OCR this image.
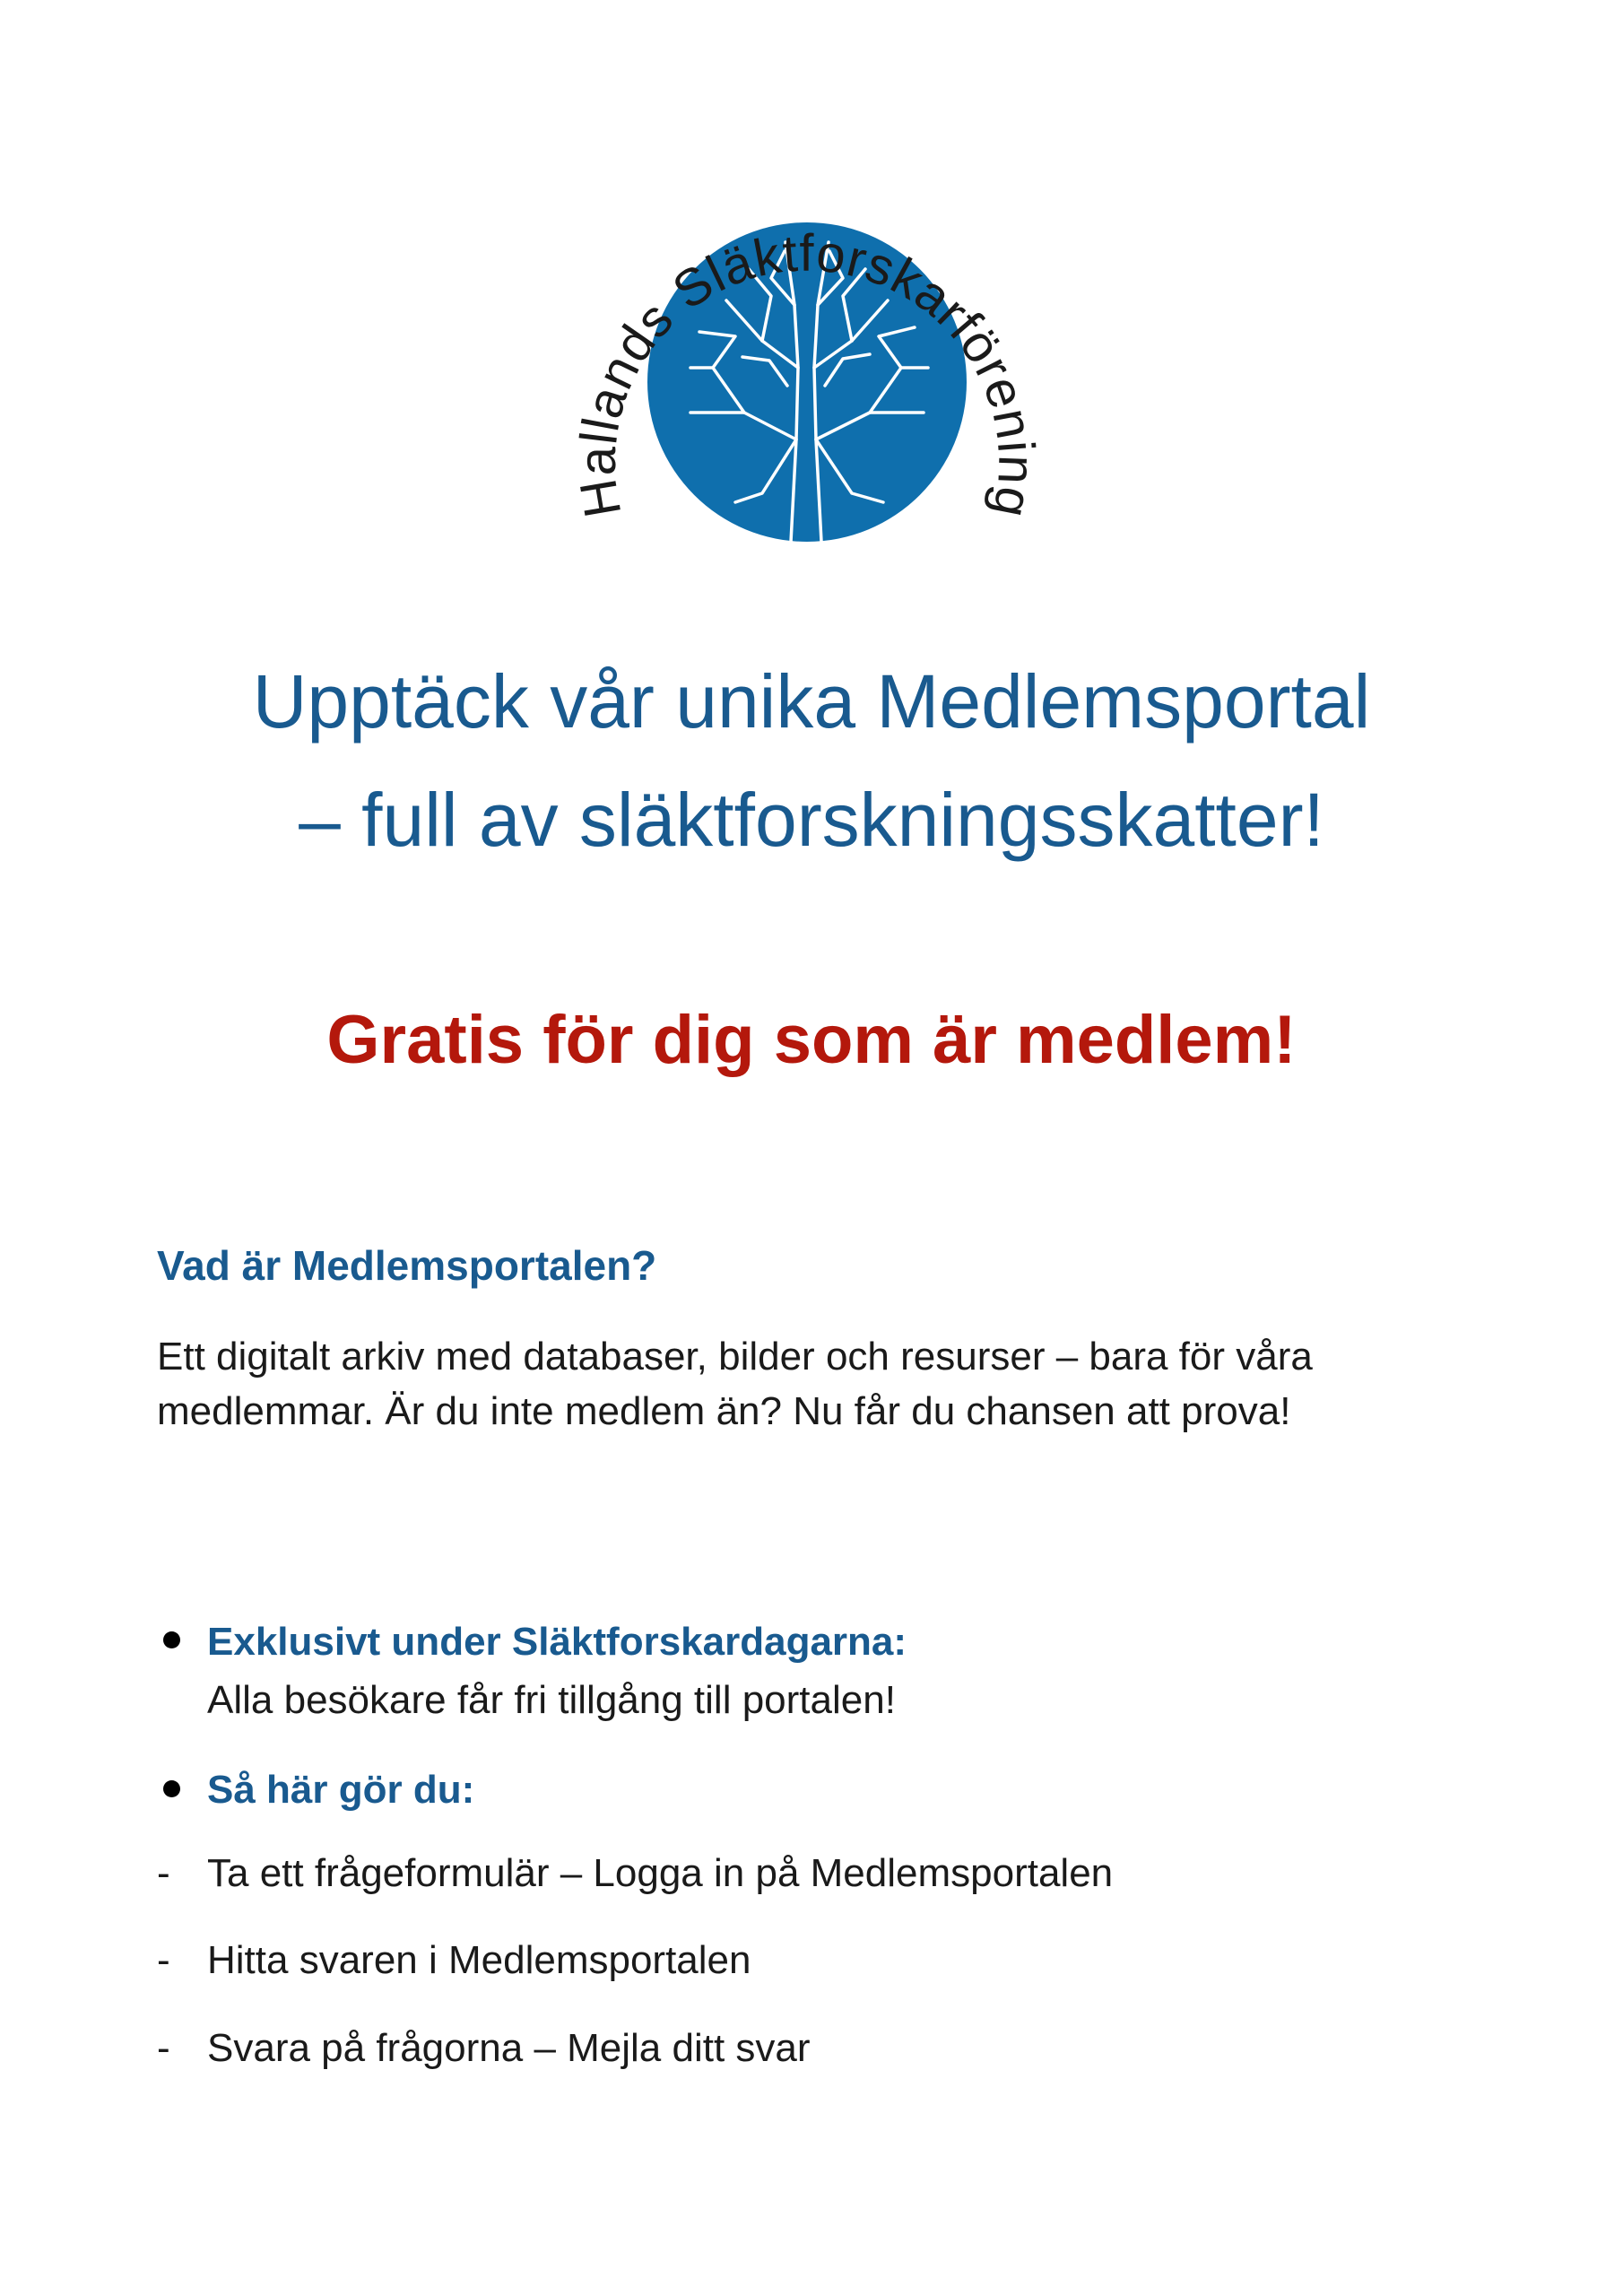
Hallands Släktforskarförening
Upptäck vår unika Medlemsportal
– full av släktforskningsskatter!
Gratis för dig som är medlem!
Vad är Medlemsportalen?

Ett digitalt arkiv med databaser, bilder och resurser – bara för våra medlemmar. Är du inte medlem än? Nu får du chansen att prova!

Exklusivt under Släktforskardagarna:
Alla besökare får fri tillgång till portalen!
Så här gör du:
- Ta ett frågeformulär – Logga in på Medlemsportalen
- Hitta svaren i Medlemsportalen
- Svara på frågorna – Mejla ditt svar
